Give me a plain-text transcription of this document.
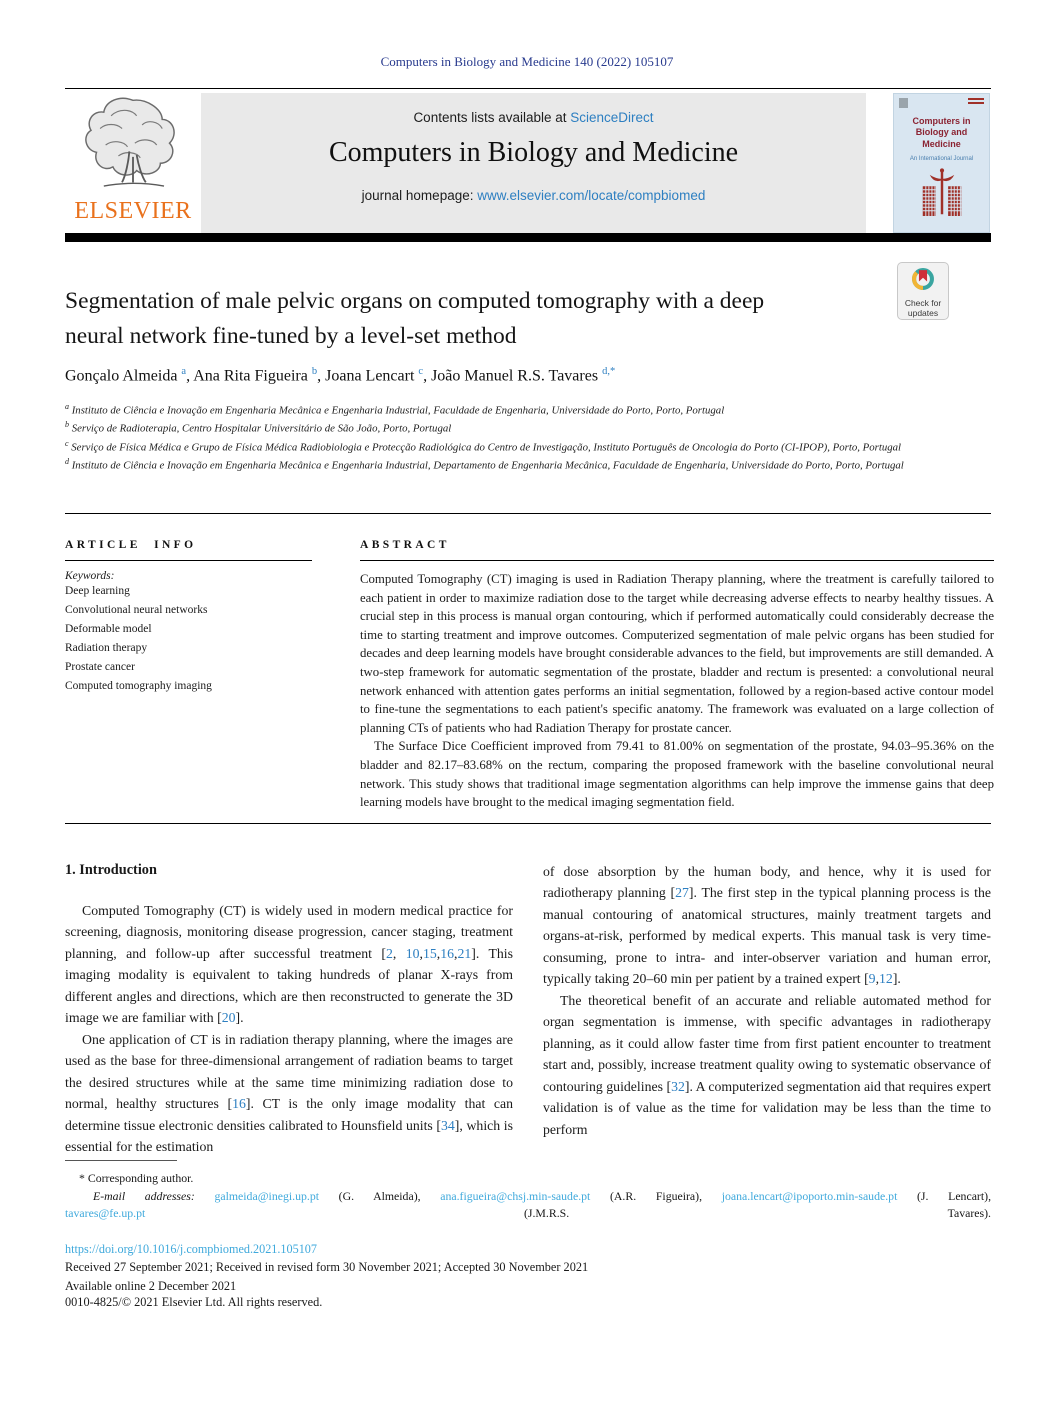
Computers in Biology and Medicine 140 (2022) 105107
ELSEVIER
Contents lists available at ScienceDirect
Computers in Biology and Medicine
journal homepage: www.elsevier.com/locate/compbiomed
Computers in Biology and Medicine
An International Journal
Segmentation of male pelvic organs on computed tomography with a deep
neural network fine-tuned by a level-set method
Check for
updates
Gonçalo Almeida $^a$, Ana Rita Figueira $^b$, Joana Lencart $^c$, João Manuel R.S. Tavares $^{d,*}$
$^a$ Instituto de Ciência e Inovação em Engenharia Mecânica e Engenharia Industrial, Faculdade de Engenharia, Universidade do Porto, Porto, Portugal
$^b$ Serviço de Radioterapia, Centro Hospitalar Universitário de São João, Porto, Portugal
$^c$ Serviço de Física Médica e Grupo de Física Médica Radiobiologia e Protecção Radiológica do Centro de Investigação, Instituto Português de Oncologia do Porto (CI-IPOP), Porto, Portugal
$^d$ Instituto de Ciência e Inovação em Engenharia Mecânica e Engenharia Industrial, Departamento de Engenharia Mecânica, Faculdade de Engenharia, Universidade do Porto, Porto, Portugal
ARTICLE INFO
Keywords:
Deep learning
Convolutional neural networks
Deformable model
Radiation therapy
Prostate cancer
Computed tomography imaging
ABSTRACT

Computed Tomography (CT) imaging is used in Radiation Therapy planning, where the treatment is carefully tailored to each patient in order to maximize radiation dose to the target while decreasing adverse effects to nearby healthy tissues. A crucial step in this process is manual organ contouring, which if performed automatically could considerably decrease the time to starting treatment and improve outcomes. Computerized segmentation of male pelvic organs has been studied for decades and deep learning models have brought considerable advances to the field, but improvements are still demanded. A two-step framework for automatic segmentation of the prostate, bladder and rectum is presented: a convolutional neural network enhanced with attention gates performs an initial segmentation, followed by a region-based active contour model to fine-tune the segmentations to each patient's specific anatomy. The framework was evaluated on a large collection of planning CTs of patients who had Radiation Therapy for prostate cancer.

The Surface Dice Coefficient improved from 79.41 to 81.00% on segmentation of the prostate, 94.03–95.36% on the bladder and 82.17–83.68% on the rectum, comparing the proposed framework with the baseline convolutional neural network. This study shows that traditional image segmentation algorithms can help improve the immense gains that deep learning models have brought to the medical imaging segmentation field.

1. Introduction

Computed Tomography (CT) is widely used in modern medical practice for screening, diagnosis, monitoring disease progression, cancer staging, treatment planning, and follow-up after successful treatment [2, 10,15,16,21]. This imaging modality is equivalent to taking hundreds of planar X-rays from different angles and directions, which are then reconstructed to generate the 3D image we are familiar with [20].

One application of CT is in radiation therapy planning, where the images are used as the base for three-dimensional arrangement of radiation beams to target the desired structures while at the same time minimizing radiation dose to normal, healthy structures [16]. CT is the only image modality that can determine tissue electronic densities calibrated to Hounsfield units [34], which is essential for the estimation

of dose absorption by the human body, and hence, why it is used for radiotherapy planning [27]. The first step in the typical planning process is the manual contouring of anatomical structures, mainly treatment targets and organs-at-risk, performed by medical experts. This manual task is very time-consuming, prone to intra- and inter-observer variation and human error, typically taking 20–60 min per patient by a trained expert [9,12].

The theoretical benefit of an accurate and reliable automated method for organ segmentation is immense, with specific advantages in radiotherapy planning, as it could allow faster time from first patient encounter to treatment start and, possibly, increase treatment quality owing to systematic observance of contouring guidelines [32]. A computerized segmentation aid that requires expert validation is of value as the time for validation may be less than the time to perform

* Corresponding author.
E-mail addresses: galmeida@inegi.up.pt (G. Almeida), ana.figueira@chsj.min-saude.pt (A.R. Figueira), joana.lencart@ipoporto.min-saude.pt (J. Lencart),
tavares@fe.up.pt (J.M.R.S. Tavares).
https://doi.org/10.1016/j.compbiomed.2021.105107
Received 27 September 2021; Received in revised form 30 November 2021; Accepted 30 November 2021
Available online 2 December 2021
0010-4825/© 2021 Elsevier Ltd. All rights reserved.
